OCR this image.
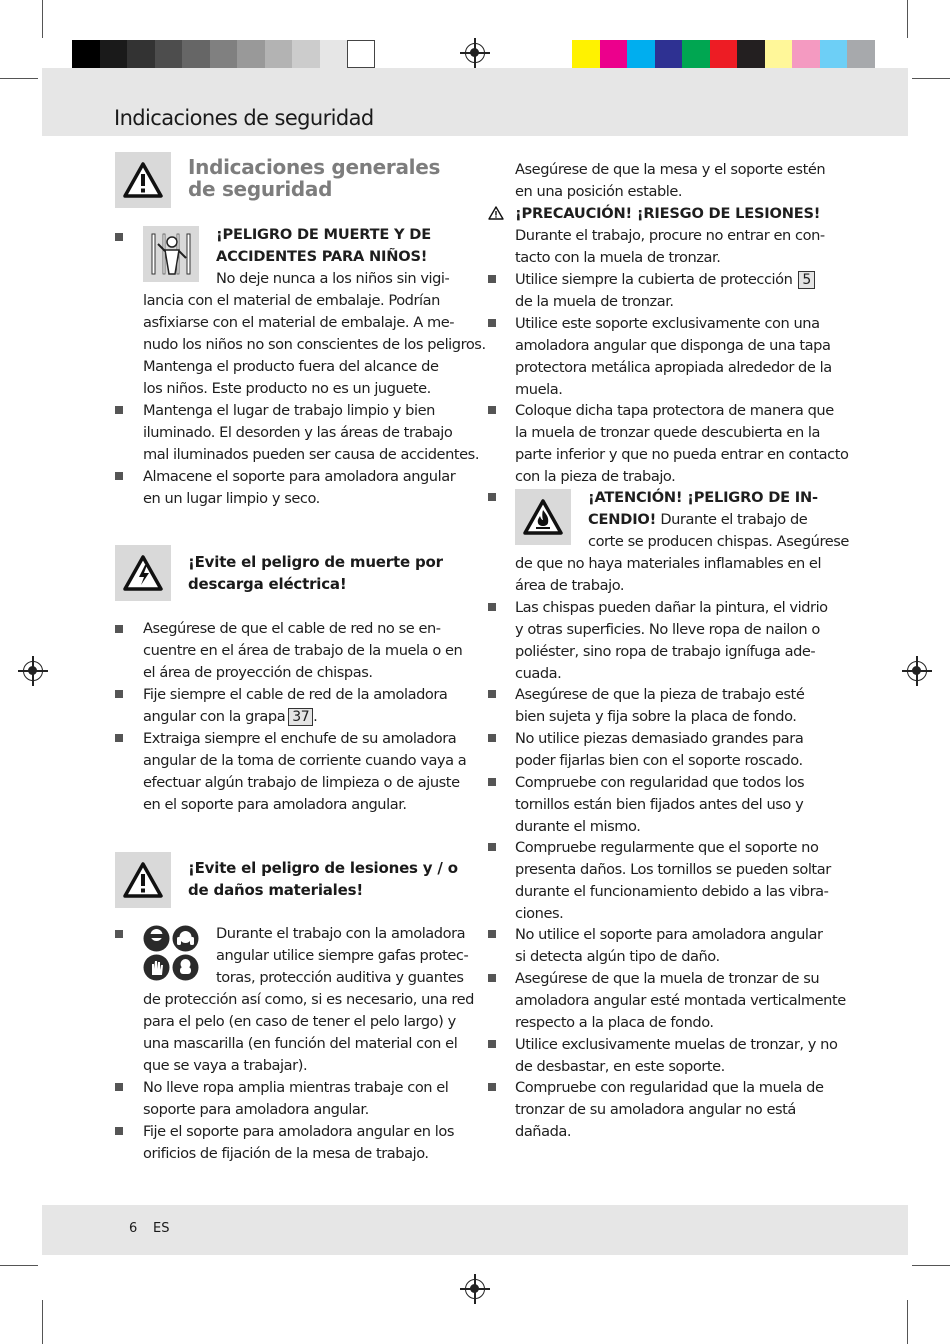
Indicaciones de seguridad
6 ES
Indicaciones generales
de seguridad
¡PELIGRO DE MUERTE Y DE
ACCIDENTES PARA NIÑOS!
No deje nunca a los niños sin vigi-
lancia con el material de embalaje. Podrían
asfixiarse con el material de embalaje. A me-
nudo los niños no son conscientes de los peligros.
Mantenga el producto fuera del alcance de
los niños. Este producto no es un juguete.
Mantenga el lugar de trabajo limpio y bien
iluminado. El desorden y las áreas de trabajo
mal iluminados pueden ser causa de accidentes.
Almacene el soporte para amoladora angular
en un lugar limpio y seco.
¡Evite el peligro de muerte por
descarga eléctrica!
Asegúrese de que el cable de red no se en-
cuentre en el área de trabajo de la muela o en
el área de proyección de chispas.
Fije siempre el cable de red de la amoladora
angular con la grapa 37 .
Extraiga siempre el enchufe de su amoladora
angular de la toma de corriente cuando vaya a
efectuar algún trabajo de limpieza o de ajuste
en el soporte para amoladora angular.
¡Evite el peligro de lesiones y / o
de daños materiales!
Durante el trabajo con la amoladora
angular utilice siempre gafas protec-
toras, protección auditiva y guantes
de protección así como, si es necesario, una red
para el pelo (en caso de tener el pelo largo) y
una mascarilla (en función del material con el
que se vaya a trabajar).
No lleve ropa amplia mientras trabaje con el
soporte para amoladora angular.
Fije el soporte para amoladora angular en los
orificios de fijación de la mesa de trabajo.
Asegúrese de que la mesa y el soporte estén
en una posición estable.
¡PRECAUCIÓN! ¡RIESGO DE LESIONES!
Durante el trabajo, procure no entrar en con-
tacto con la muela de tronzar.
Utilice siempre la cubierta de protección 5
de la muela de tronzar.
Utilice este soporte exclusivamente con una
amoladora angular que disponga de una tapa
protectora metálica apropiada alrededor de la
muela.
Coloque dicha tapa protectora de manera que
la muela de tronzar quede descubierta en la
parte inferior y que no pueda entrar en contacto
con la pieza de trabajo.
¡ATENCIÓN! ¡PELIGRO DE IN-
CENDIO! Durante el trabajo de
corte se producen chispas. Asegúrese
de que no haya materiales inflamables en el
área de trabajo.
Las chispas pueden dañar la pintura, el vidrio
y otras superficies. No lleve ropa de nailon o
poliéster, sino ropa de trabajo ignífuga ade-
cuada.
Asegúrese de que la pieza de trabajo esté
bien sujeta y fija sobre la placa de fondo.
No utilice piezas demasiado grandes para
poder fijarlas bien con el soporte roscado.
Compruebe con regularidad que todos los
tornillos están bien fijados antes del uso y
durante el mismo.
Compruebe regularmente que el soporte no
presenta daños. Los tornillos se pueden soltar
durante el funcionamiento debido a las vibra-
ciones.
No utilice el soporte para amoladora angular
si detecta algún tipo de daño.
Asegúrese de que la muela de tronzar de su
amoladora angular esté montada verticalmente
respecto a la placa de fondo.
Utilice exclusivamente muelas de tronzar, y no
de desbastar, en este soporte.
Compruebe con regularidad que la muela de
tronzar de su amoladora angular no está
dañada.
